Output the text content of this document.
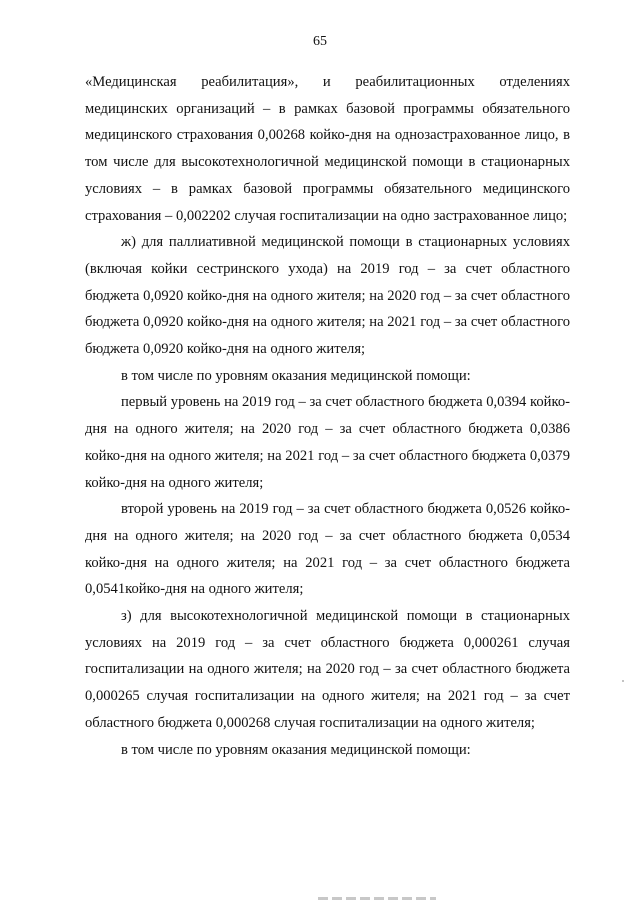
65

«Медицинская реабилитация», и реабилитационных отделениях медицинских организаций – в рамках базовой программы обязательного медицинского страхования 0,00268 койко-дня на однозастрахованное лицо, в том числе для высокотехнологичной медицинской помощи в стационарных условиях – в рамках базовой программы обязательного медицинского страхования – 0,002202 случая госпитализации на одно застрахованное лицо;

ж) для паллиативной медицинской помощи в стационарных условиях (включая койки сестринского ухода) на 2019 год – за счет областного бюджета 0,0920 койко-дня на одного жителя; на 2020 год – за счет областного бюджета 0,0920 койко-дня на одного жителя; на 2021 год – за счет областного бюджета 0,0920 койко-дня на одного жителя;

в том числе по уровням оказания медицинской помощи:

первый уровень на 2019 год – за счет областного бюджета 0,0394 койко-дня на одного жителя; на 2020 год – за счет областного бюджета 0,0386 койко-дня на одного жителя; на 2021 год – за счет областного бюджета 0,0379 койко-дня на одного жителя;

второй уровень на 2019 год – за счет областного бюджета 0,0526 койко-дня на одного жителя; на 2020 год – за счет областного бюджета 0,0534 койко-дня на одного жителя; на 2021 год – за счет областного бюджета 0,0541койко-дня на одного жителя;

з) для высокотехнологичной медицинской помощи в стационарных условиях на 2019 год – за счет областного бюджета 0,000261 случая госпитализации на одного жителя; на 2020 год – за счет областного бюджета 0,000265 случая госпитализации на одного жителя; на 2021 год – за счет областного бюджета 0,000268 случая госпитализации на одного жителя;

в том числе по уровням оказания медицинской помощи:
